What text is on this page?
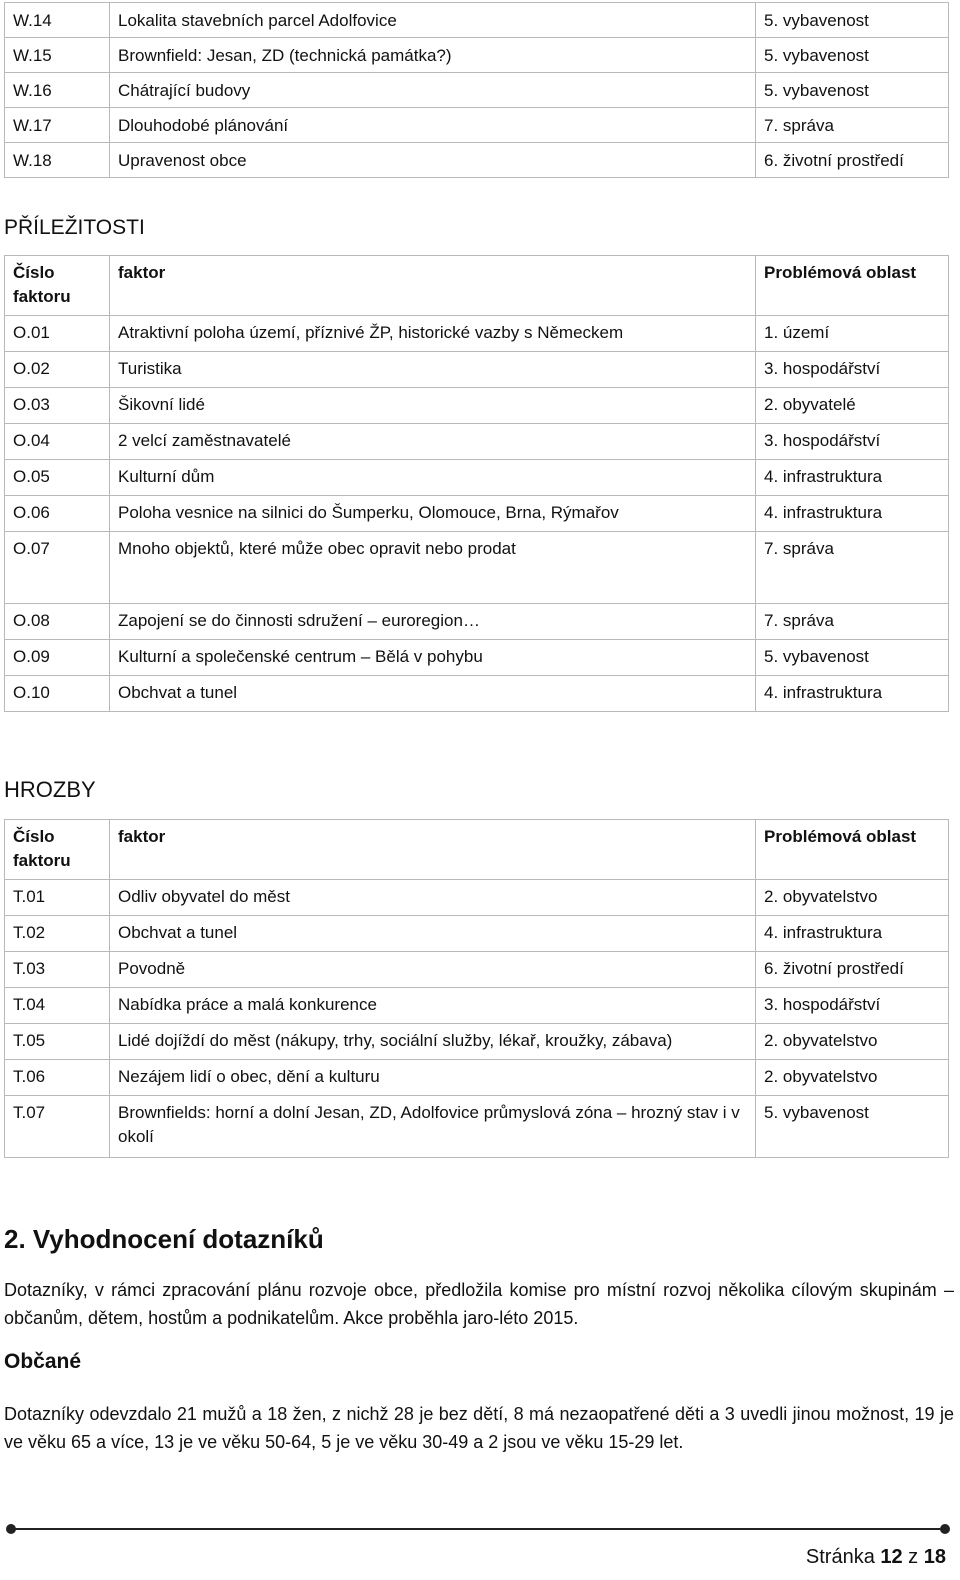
W.14	Lokalita stavebních parcel Adolfovice	5. vybavenost
W.15	Brownfield: Jesan, ZD (technická památka?)	5. vybavenost
W.16	Chátrající budovy	5. vybavenost
W.17	Dlouhodobé plánování	7. správa
W.18	Upravenost obce	6. životní prostředí
PŘÍLEŽITOSTI
Číslo faktoru	faktor	Problémová oblast
O.01	Atraktivní poloha území, příznivé ŽP, historické vazby s Německem	1. území
O.02	Turistika	3. hospodářství
O.03	Šikovní lidé	2. obyvatelé
O.04	2 velcí zaměstnavatelé	3. hospodářství
O.05	Kulturní dům	4. infrastruktura
O.06	Poloha vesnice na silnici do Šumperku, Olomouce, Brna, Rýmařov	4. infrastruktura
O.07	Mnoho objektů, které může obec opravit nebo prodat	7. správa
O.08	Zapojení se do činnosti sdružení – euroregion…	7. správa
O.09	Kulturní a společenské centrum – Bělá v pohybu	5. vybavenost
O.10	Obchvat a tunel	4. infrastruktura
HROZBY
Číslo faktoru	faktor	Problémová oblast
T.01	Odliv obyvatel do měst	2. obyvatelstvo
T.02	Obchvat a tunel	4. infrastruktura
T.03	Povodně	6. životní prostředí
T.04	Nabídka práce a malá konkurence	3. hospodářství
T.05	Lidé dojíždí do měst (nákupy, trhy, sociální služby, lékař, kroužky, zábava)	2. obyvatelstvo
T.06	Nezájem lidí o obec, dění a kulturu	2. obyvatelstvo
T.07	Brownfields: horní a dolní Jesan, ZD, Adolfovice průmyslová zóna – hrozný stav i v okolí	5. vybavenost
2. Vyhodnocení dotazníků

Dotazníky, v rámci zpracování plánu rozvoje obce, předložila komise pro místní rozvoj několika cílovým skupinám – občanům, dětem, hostům a podnikatelům. Akce proběhla jaro-léto 2015.

Občané

Dotazníky odevzdalo 21 mužů a 18 žen, z nichž 28 je bez dětí, 8 má nezaopatřené děti a 3 uvedli jinou možnost, 19 je ve věku 65 a více, 13 je ve věku 50-64, 5 je ve věku 30-49 a 2 jsou ve věku 15-29 let.

Stránka 12 z 18
